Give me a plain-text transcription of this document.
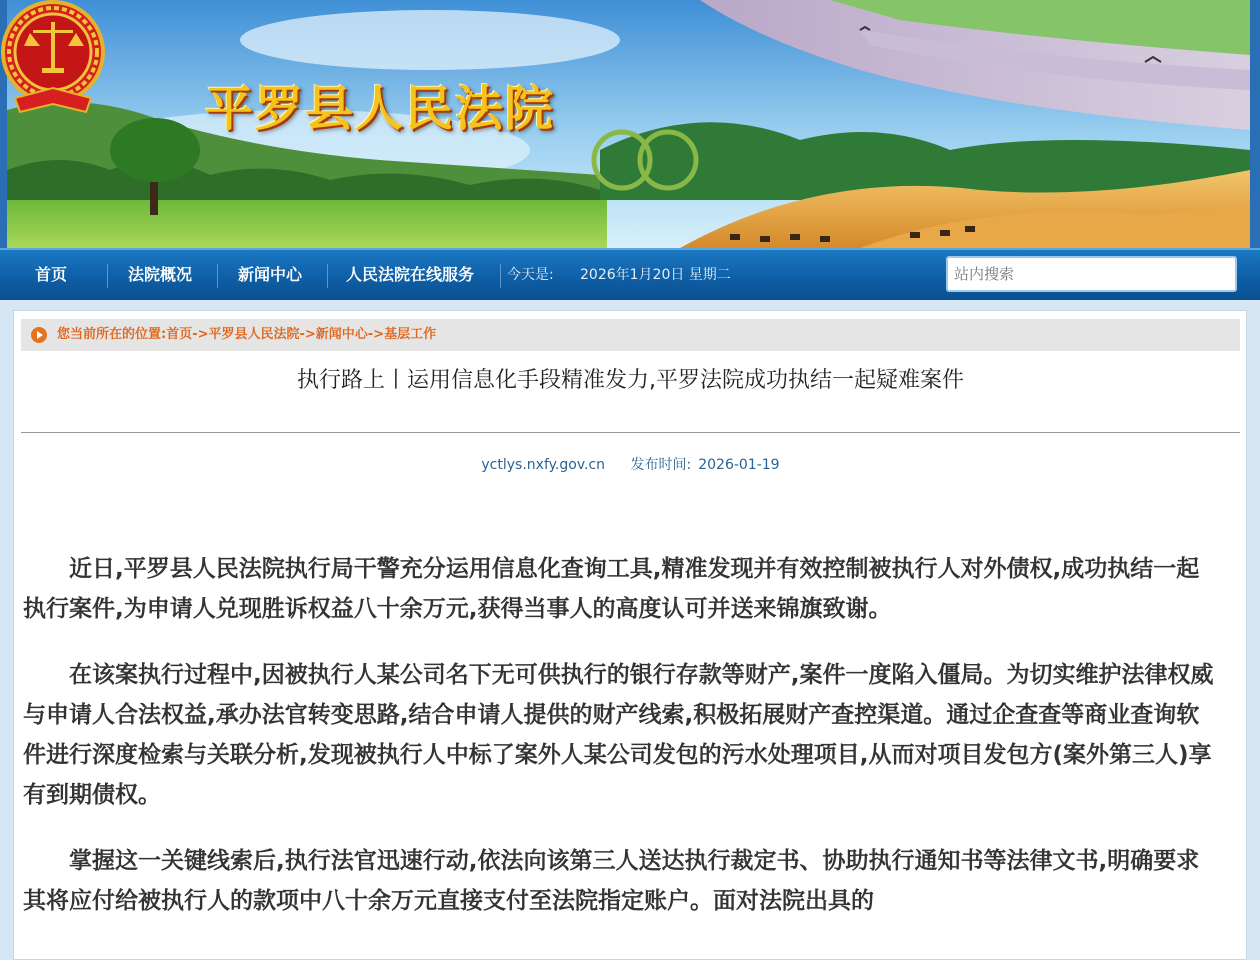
平罗县人民法院
首页	法院概况	新闻中心	人民法院在线服务 今天是: 2026年1月20日 星期二
站内搜索
您当前所在的位置:首页->平罗县人民法院->新闻中心->基层工作
执行路上丨运用信息化手段精准发力,平罗法院成功执结一起疑难案件
yctlys.nxfy.gov.cn 发布时间: 2026-01-19

近日,平罗县人民法院执行局干警充分运用信息化查询工具,精准发现并有效控制被执行人对外债权,成功执结一起执行案件,为申请人兑现胜诉权益八十余万元,获得当事人的高度认可并送来锦旗致谢。

在该案执行过程中,因被执行人某公司名下无可供执行的银行存款等财产,案件一度陷入僵局。为切实维护法律权威与申请人合法权益,承办法官转变思路,结合申请人提供的财产线索,积极拓展财产查控渠道。通过企查查等商业查询软件进行深度检索与关联分析,发现被执行人中标了案外人某公司发包的污水处理项目,从而对项目发包方(案外第三人)享有到期债权。

掌握这一关键线索后,执行法官迅速行动,依法向该第三人送达执行裁定书、协助执行通知书等法律文书,明确要求其将应付给被执行人的款项中八十余万元直接支付至法院指定账户。面对法院出具的
